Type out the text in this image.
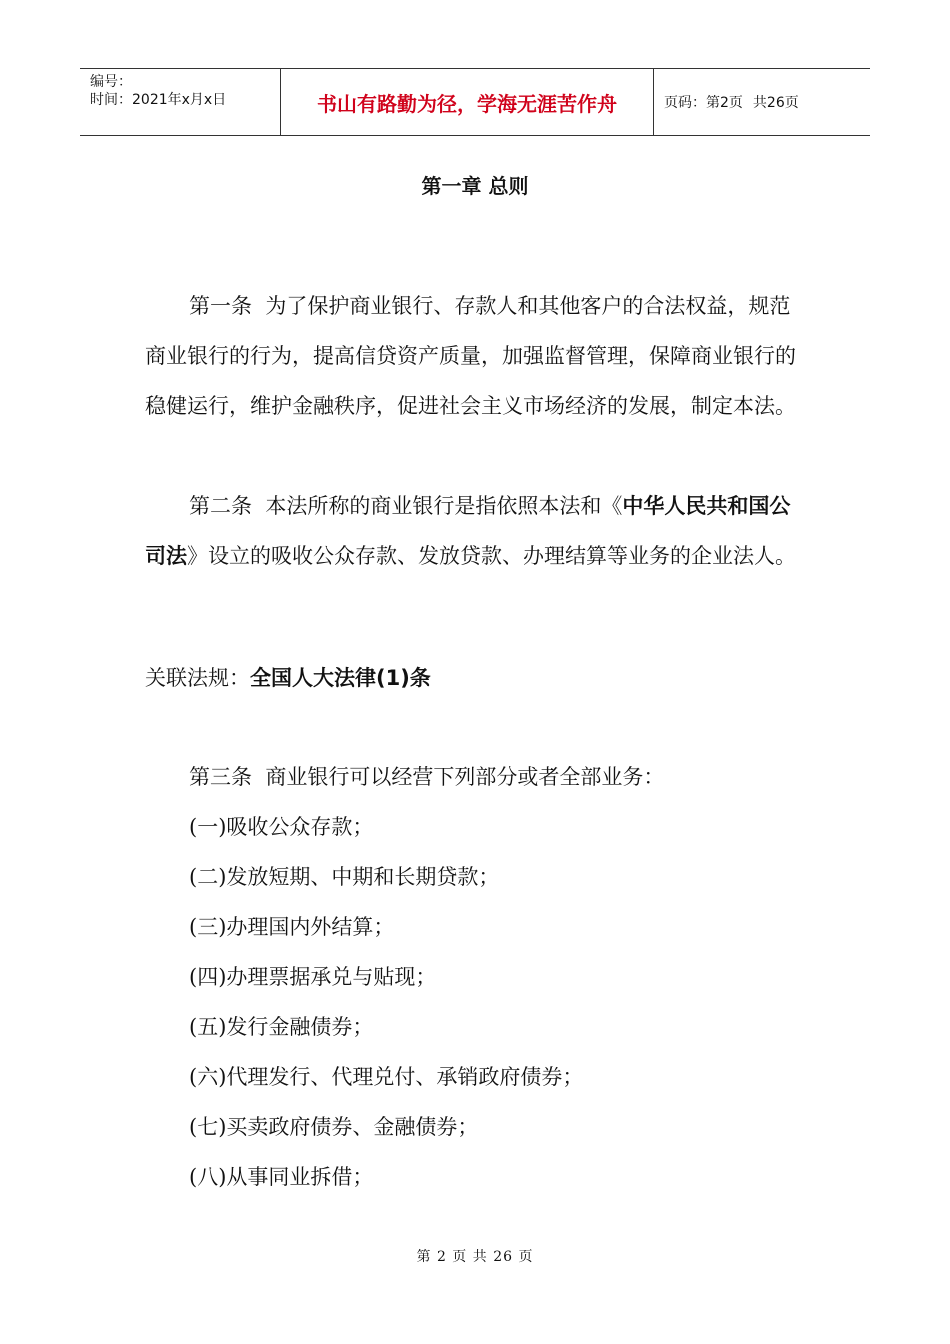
编号：
时间：2021年x月x日	书山有路勤为径，学海无涯苦作舟	页码：第2页 共26页
第一章 总则
第一条 为了保护商业银行、存款人和其他客户的合法权益，规范商业银行的行为，提高信贷资产质量，加强监督管理，保障商业银行的稳健运行，维护金融秩序，促进社会主义市场经济的发展，制定本法。
第二条 本法所称的商业银行是指依照本法和《中华人民共和国公司法》设立的吸收公众存款、发放贷款、办理结算等业务的企业法人。
关联法规：全国人大法律(1)条
第三条 商业银行可以经营下列部分或者全部业务：
(一)吸收公众存款；
(二)发放短期、中期和长期贷款；
(三)办理国内外结算；
(四)办理票据承兑与贴现；
(五)发行金融债券；
(六)代理发行、代理兑付、承销政府债券；
(七)买卖政府债券、金融债券；
(八)从事同业拆借；
第 2 页 共 26 页
